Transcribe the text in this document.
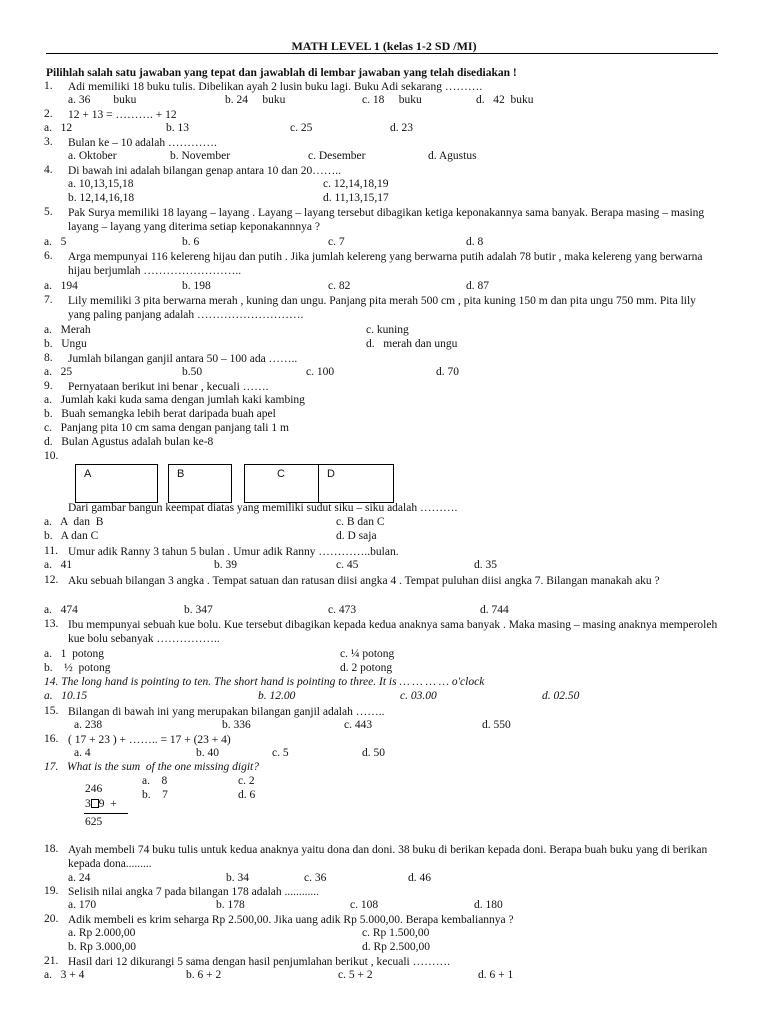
MATH LEVEL 1 (kelas 1-2 SD /MI)
Pilihlah salah satu jawaban yang tepat dan jawablah di lembar jawaban yang telah disediakan !
1. Adi memiliki 18 buku tulis. Dibelikan ayah 2 lusin buku lagi. Buku Adi sekarang ……….
a. 36        buku	b. 24     buku	c. 18     buku	d.   42  buku
2. 12 + 13 = ………. + 12
a.   12	b. 13	c. 25	d. 23
3. Bulan ke – 10 adalah ………….
a. Oktober	b. November	c. Desember	d. Agustus
4. Di bawah ini adalah bilangan genap antara 10 dan 20……..
a. 10,13,15,18	c. 12,14,18,19
b. 12,14,16,18	d. 11,13,15,17
5. Pak Surya memiliki 18 layang – layang . Layang – layang tersebut dibagikan ketiga keponakannya sama banyak. Berapa masing – masing layang – layang yang diterima setiap keponakannnya ?
a.   5	b. 6	c. 7	d. 8
6. Arga mempunyai 116 kelereng hijau dan putih . Jika jumlah kelereng yang berwarna putih adalah 78 butir , maka kelereng yang berwarna hijau berjumlah ……………………..
a.   194	b. 198	c. 82	d. 87
7. Lily memiliki 3 pita berwarna merah , kuning dan ungu. Panjang pita merah 500 cm , pita kuning 150 m dan pita ungu 750 mm. Pita lily yang paling panjang adalah ……………………….
a.   Merah	c. kuning
b.   Ungu	d.   merah dan ungu
8. Jumlah bilangan ganjil antara 50 – 100 ada ……..
a.   25	b.50	c. 100	d. 70
9. Pernyataan berikut ini benar , kecuali …….
a.   Jumlah kaki kuda sama dengan jumlah kaki kambing
b.   Buah semangka lebih berat daripada buah apel
c.   Panjang pita 10 cm sama dengan panjang tali 1 m
d.   Bulan Agustus adalah bulan ke-8
10.
A	B	C	D
Dari gambar bangun keempat diatas yang memiliki sudut siku – siku adalah ……….
a.   A  dan  B	c. B dan C
b.   A dan C	d. D saja
11. Umur adik Ranny 3 tahun 5 bulan . Umur adik Ranny …………..bulan.
a.   41	b. 39	c. 45	d. 35
12. Aku sebuah bilangan 3 angka . Tempat satuan dan ratusan diisi angka 4 . Tempat puluhan diisi angka 7. Bilangan manakah aku ?
a.   474	b. 347	c. 473	d. 744
13. Ibu mempunyai sebuah kue bolu. Kue tersebut dibagikan kepada kedua anaknya sama banyak . Maka masing – masing anaknya memperoleh kue bolu sebanyak ……………..
a.   1  potong	c. ¼ potong
b.    ½  potong	d. 2 potong
14. The long hand is pointing to ten. The short hand is pointing to three. It is … … … … o'clock
a.   10.15	b. 12.00	c. 03.00	d. 02.50
15. Bilangan di bawah ini yang merupakan bilangan ganjil adalah ……..
a. 238	b. 336	c. 443	d. 550
16. ( 17 + 23 ) + …….. = 17 + (23 + 4)
a. 4	b. 40	c. 5	d. 50
17.   What is the sum  of the one missing digit?
a.    8	c. 2
b.    7	d. 6
246
3 9  +
625
18. Ayah membeli 74 buku tulis untuk kedua anaknya yaitu dona dan doni. 38 buku di berikan kepada doni. Berapa buah buku yang di berikan kepada dona.........
a. 24	b. 34	c. 36	d. 46
19. Selisih nilai angka 7 pada bilangan 178 adalah ............
a. 170	b. 178	c. 108	d. 180
20. Adik membeli es krim seharga Rp 2.500,00. Jika uang adik Rp 5.000,00. Berapa kembaliannya ?
a. Rp 2.000,00	c. Rp 1.500,00
b. Rp 3.000,00	d. Rp 2.500,00
21. Hasil dari 12 dikurangi 5 sama dengan hasil penjumlahan berikut , kecuali ……….
a.   3 + 4	b. 6 + 2	c. 5 + 2	d. 6 + 1
